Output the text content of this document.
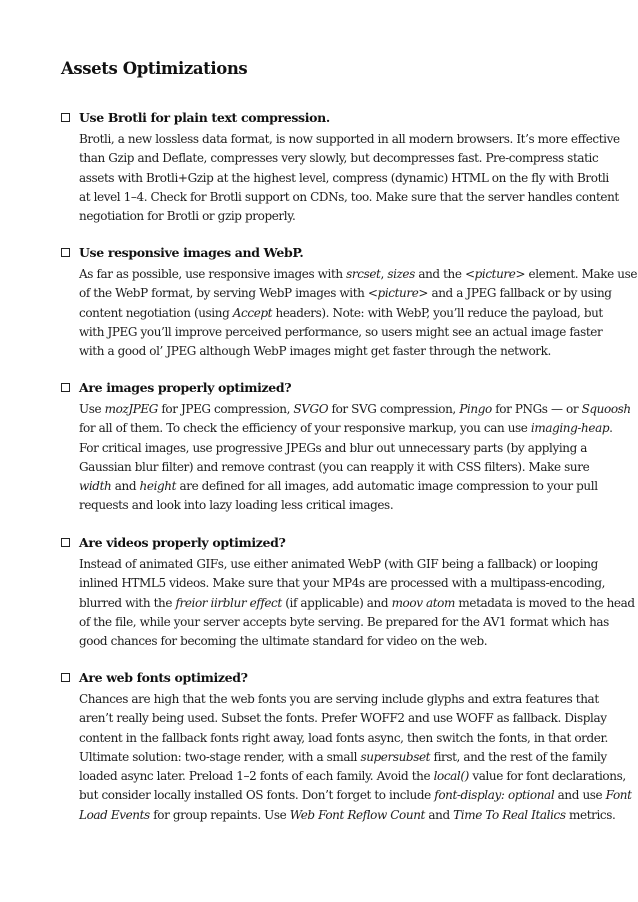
Assets Optimizations
Use Brotli for plain text compression.
Brotli, a new lossless data format, is now supported in all modern browsers. It’s more effective
than Gzip and Deflate, compresses very slowly, but decompresses fast. Pre-compress static
assets with Brotli+Gzip at the highest level, compress (dynamic) HTML on the fly with Brotli
at level 1–4. Check for Brotli support on CDNs, too. Make sure that the server handles content
negotiation for Brotli or gzip properly.
Use responsive images and WebP.
As far as possible, use responsive images with srcset, sizes and the <picture> element. Make use
of the WebP format, by serving WebP images with <picture> and a JPEG fallback or by using
content negotiation (using Accept headers). Note: with WebP, you’ll reduce the payload, but
with JPEG you’ll improve perceived performance, so users might see an actual image faster
with a good ol’ JPEG although WebP images might get faster through the network.
Are images properly optimized?
Use mozJPEG for JPEG compression, SVGO for SVG compression, Pingo for PNGs — or Squoosh
for all of them. To check the efficiency of your responsive markup, you can use imaging-heap.
For critical images, use progressive JPEGs and blur out unnecessary parts (by applying a
Gaussian blur filter) and remove contrast (you can reapply it with CSS filters). Make sure
width and height are defined for all images, add automatic image compression to your pull
requests and look into lazy loading less critical images.
Are videos properly optimized?
Instead of animated GIFs, use either animated WebP (with GIF being a fallback) or looping
inlined HTML5 videos. Make sure that your MP4s are processed with a multipass-encoding,
blurred with the freior iirblur effect (if applicable) and moov atom metadata is moved to the head
of the file, while your server accepts byte serving. Be prepared for the AV1 format which has
good chances for becoming the ultimate standard for video on the web.
Are web fonts optimized?
Chances are high that the web fonts you are serving include glyphs and extra features that
aren’t really being used. Subset the fonts. Prefer WOFF2 and use WOFF as fallback. Display
content in the fallback fonts right away, load fonts async, then switch the fonts, in that order.
Ultimate solution: two-stage render, with a small supersubset first, and the rest of the family
loaded async later. Preload 1–2 fonts of each family. Avoid the local() value for font declarations,
but consider locally installed OS fonts. Don’t forget to include font-display: optional and use Font
Load Events for group repaints. Use Web Font Reflow Count and Time To Real Italics metrics.
